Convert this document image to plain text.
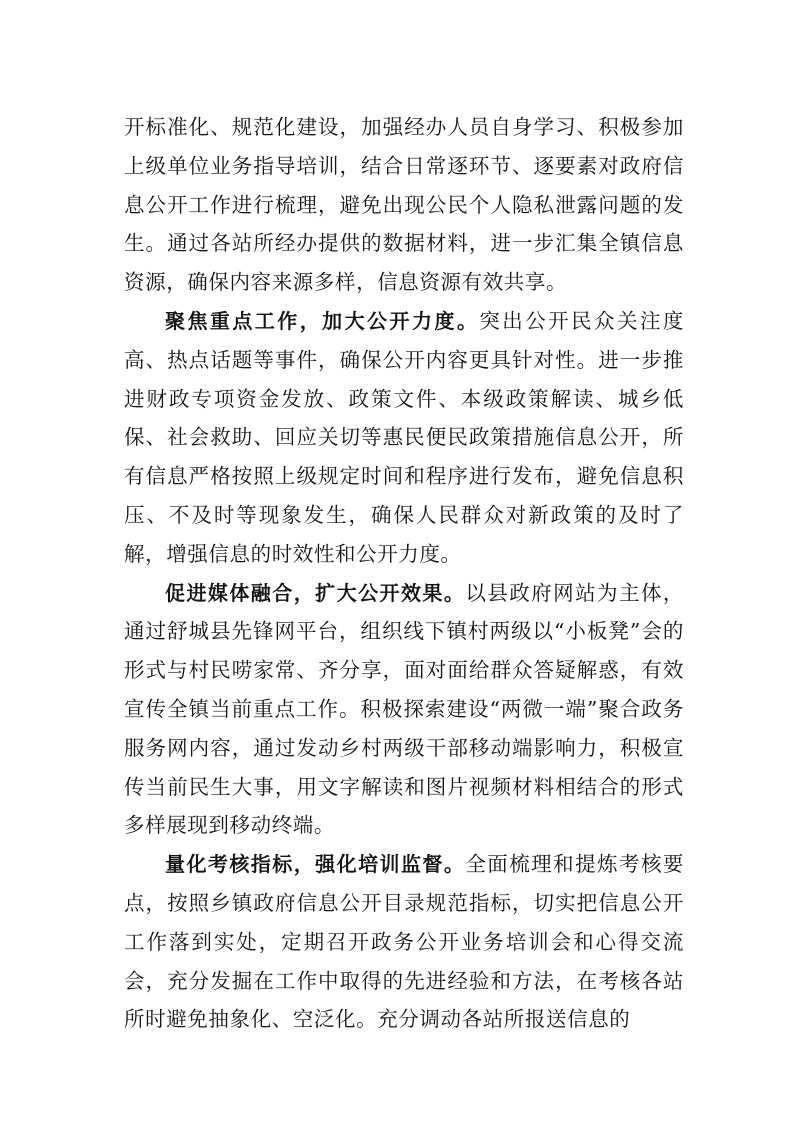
开标准化、规范化建设，加强经办人员自身学习、积极参加上级单位业务指导培训，结合日常逐环节、逐要素对政府信息公开工作进行梳理，避免出现公民个人隐私泄露问题的发生。通过各站所经办提供的数据材料，进一步汇集全镇信息资源，确保内容来源多样，信息资源有效共享。

聚焦重点工作，加大公开力度。突出公开民众关注度高、热点话题等事件，确保公开内容更具针对性。进一步推进财政专项资金发放、政策文件、本级政策解读、城乡低保、社会救助、回应关切等惠民便民政策措施信息公开，所有信息严格按照上级规定时间和程序进行发布，避免信息积压、不及时等现象发生，确保人民群众对新政策的及时了解，增强信息的时效性和公开力度。

促进媒体融合，扩大公开效果。以县政府网站为主体，通过舒城县先锋网平台，组织线下镇村两级以“小板凳”会的形式与村民唠家常、齐分享，面对面给群众答疑解惑，有效宣传全镇当前重点工作。积极探索建设“两微一端”聚合政务服务网内容，通过发动乡村两级干部移动端影响力，积极宣传当前民生大事，用文字解读和图片视频材料相结合的形式多样展现到移动终端。

量化考核指标，强化培训监督。全面梳理和提炼考核要点，按照乡镇政府信息公开目录规范指标，切实把信息公开工作落到实处，定期召开政务公开业务培训会和心得交流会，充分发掘在工作中取得的先进经验和方法，在考核各站所时避免抽象化、空泛化。充分调动各站所报送信息的
